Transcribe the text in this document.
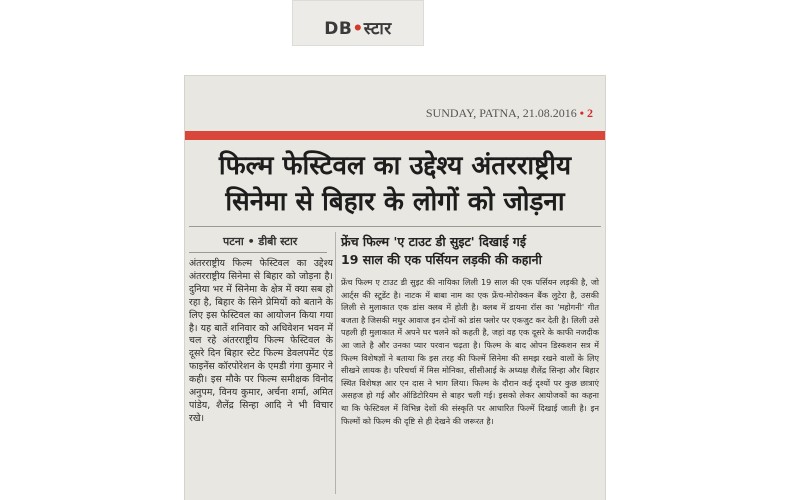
DB•स्टार
SUNDAY, PATNA, 21.08.2016 • 2
फिल्म फेस्टिवल का उद्देश्य अंतरराष्ट्रीय
सिनेमा से बिहार के लोगों को जोड़ना
पटना • डीबी स्टार
अंतरराष्ट्रीय फिल्म फेस्टिवल का उद्देश्य अंतरराष्ट्रीय सिनेमा से बिहार को जोड़ना है। दुनिया भर में सिनेमा के क्षेत्र में क्या सब हो रहा है, बिहार के सिने प्रेमियों को बताने के लिए इस फेस्टिवल का आयोजन किया गया है। यह बातें शनिवार को अधिवेशन भवन में चल रहे अंतरराष्ट्रीय फिल्म फेस्टिवल के दूसरे दिन बिहार स्टेट फिल्म डेवलपमेंट एंड फाइनेंस कॉरपोरेशन के एमडी गंगा कुमार ने कही। इस मौके पर फिल्म समीक्षक विनोद अनुपम, विनय कुमार, अर्चना शर्मा, अमित पांडेय, शैलेंद्र सिन्हा आदि ने भी विचार रखे।
फ्रेंच फिल्म 'ए टाउट डी सुइट' दिखाई गई
19 साल की एक पर्सियन लड़की की कहानी
फ्रेंच फिल्म ए टाउट डी सुइट की नायिका लिली 19 साल की एक पर्सियन लड़की है, जो आर्ट्स की स्टूडेंट है। नाटक में बाबा नाम का एक फ्रेंच-मोरोक्कन बैंक लुटेरा है, उसकी लिली से मुलाकात एक डांस क्लब में होती है। क्लब में डायना रॉस का 'महोगनी' गीत बजता है जिसकी मधुर आवाज इन दोनों को डांस फ्लोर पर एकजुट कर देती है। लिली उसे पहली ही मुलाकात में अपने घर चलने को कहती है, जहां वह एक दूसरे के काफी नजदीक आ जाते है और उनका प्यार परवान चढ़ता है। फिल्म के बाद ओपन डिस्कशन सत्र में फिल्म विशेषज्ञों ने बताया कि इस तरह की फिल्में सिनेमा की समझ रखने वालों के लिए सीखने लायक है। परिचर्चा में मिस मोनिका, सीसीआई के अध्यक्ष शैलेंद्र सिन्हा और बिहार स्थित विशेषज्ञ आर एन दास ने भाग लिया। फिल्म के दौरान कई दृश्यों पर कुछ छात्राएं असहज हो गई और ऑडिटोरियम से बाहर चली गई। इसको लेकर आयोजकों का कहना था कि फेस्टिवल में विभिन्न देशों की संस्कृति पर आधारित फिल्में दिखाई जाती है। इन फिल्मों को फिल्म की दृष्टि से ही देखने की जरूरत है।
